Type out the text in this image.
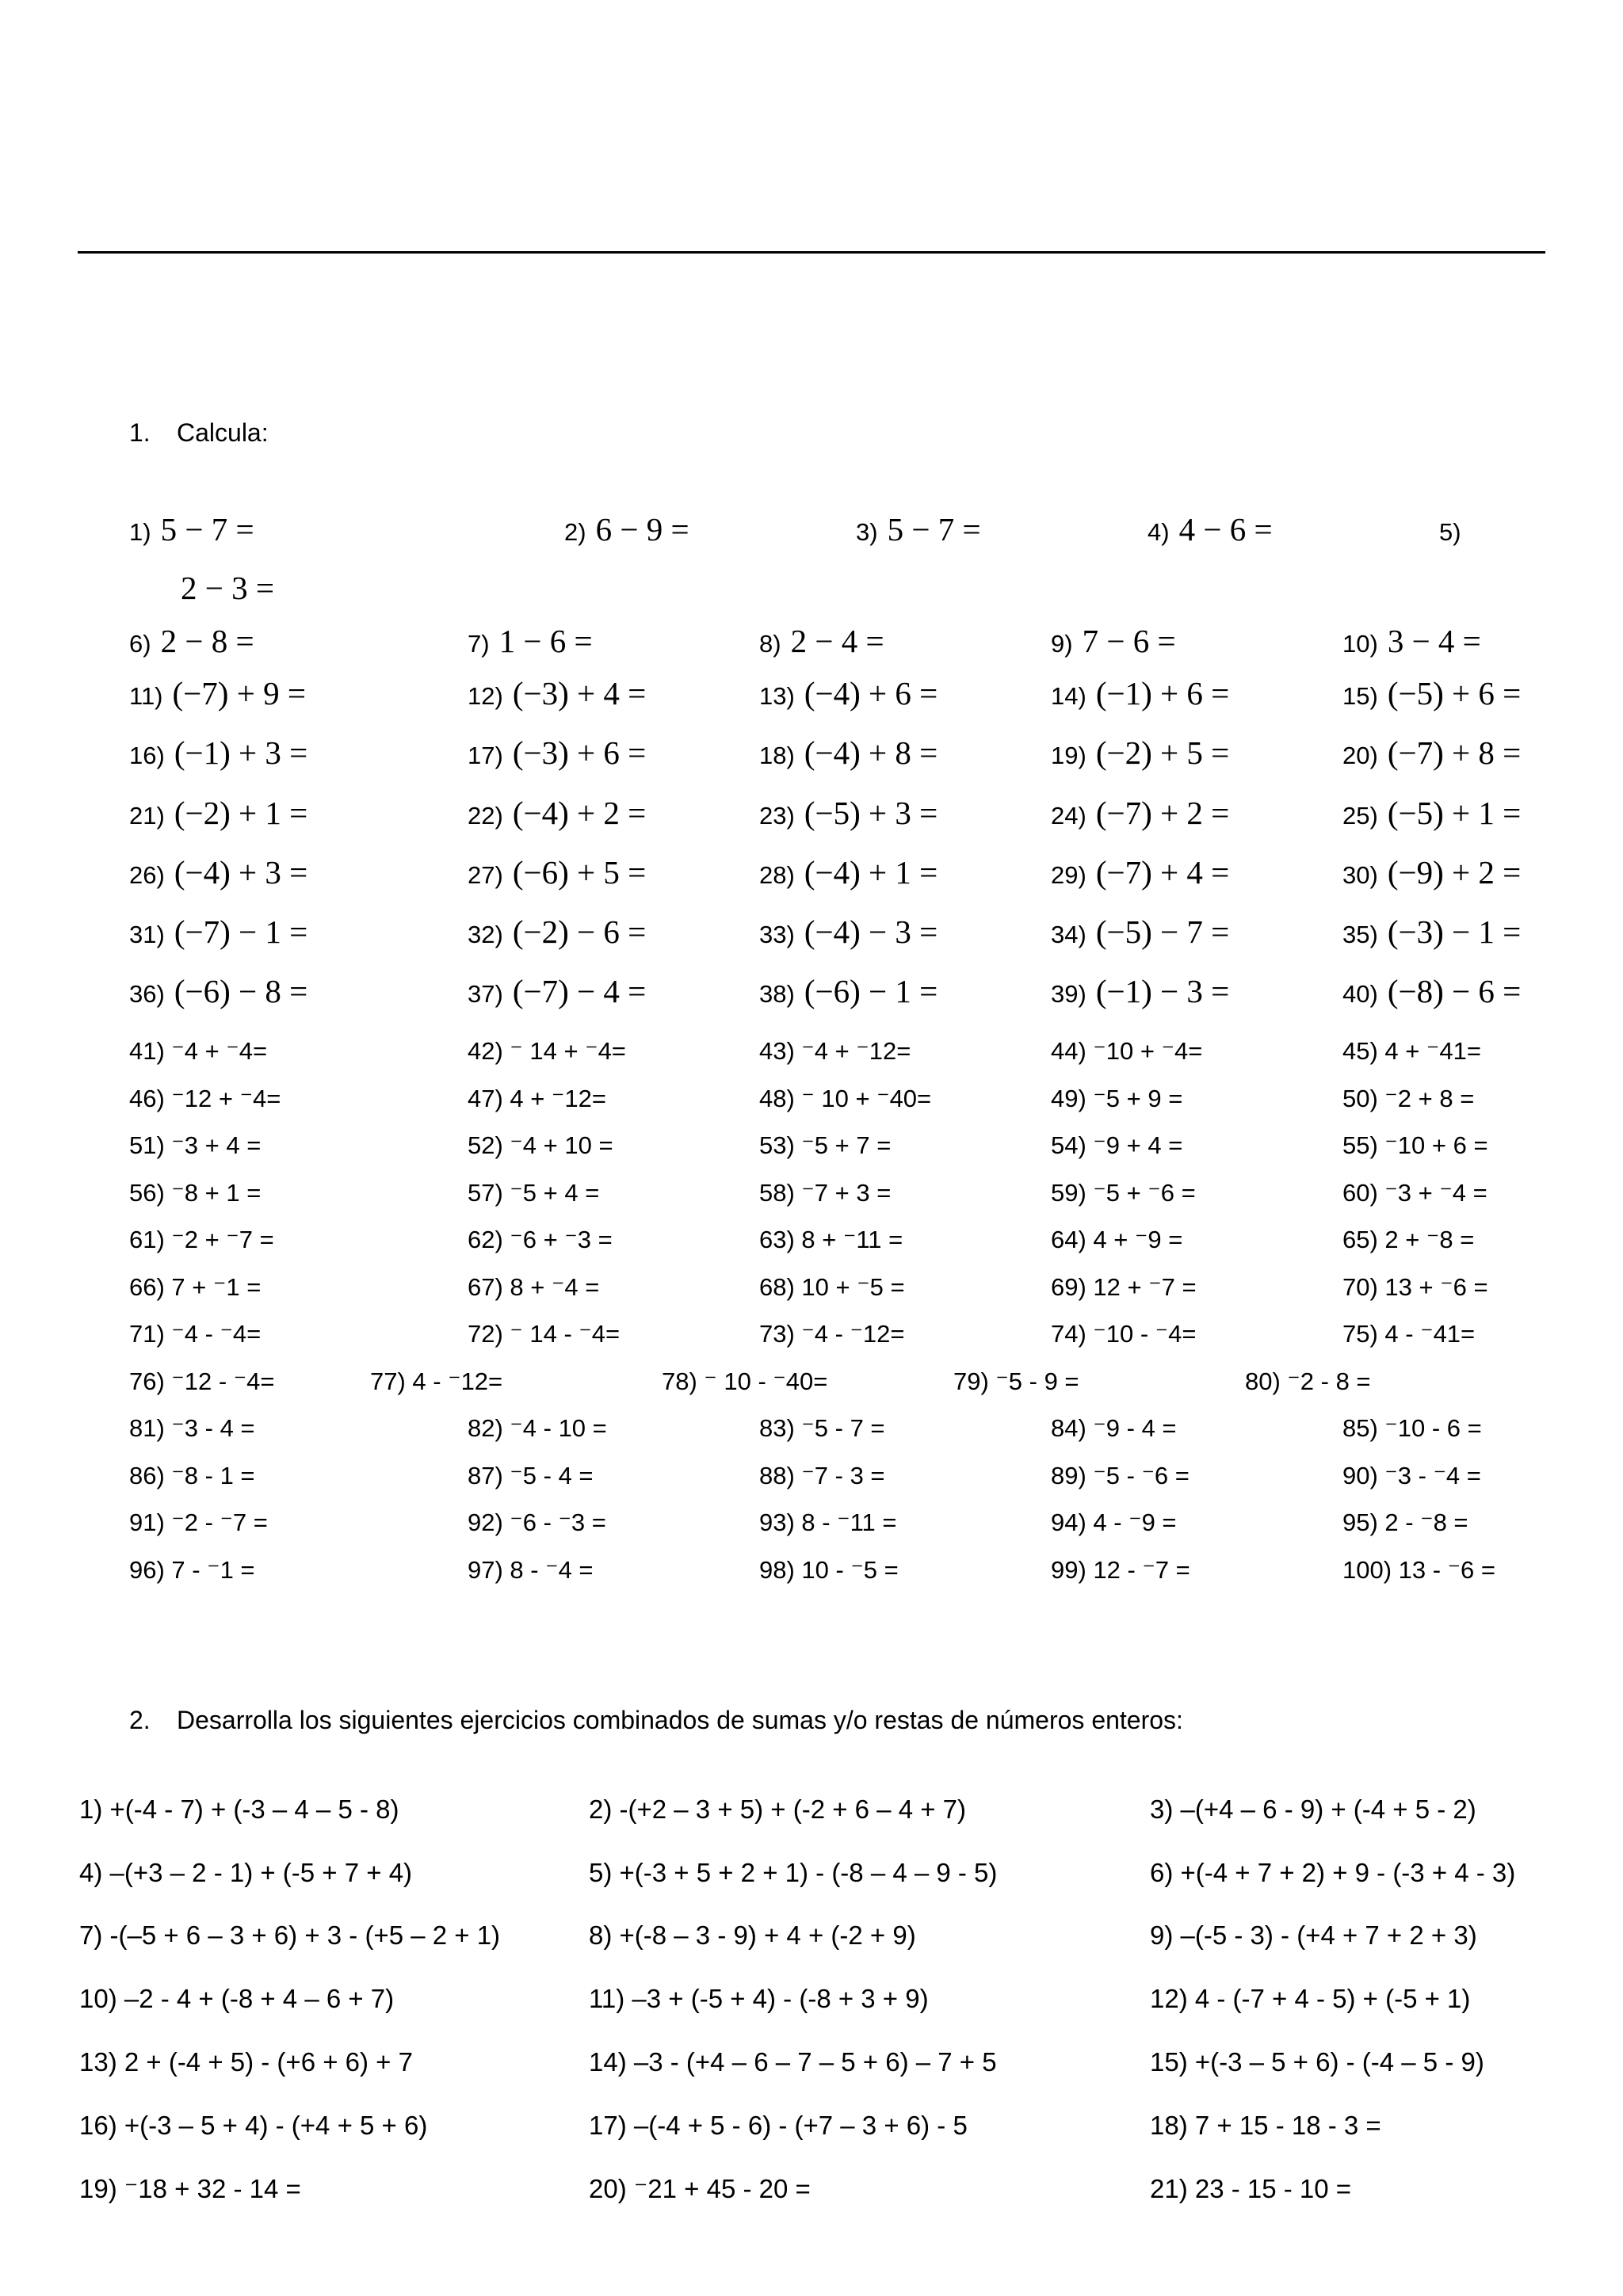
1. Calcula:
1) 5 − 7 =	2) 6 − 9 =	3) 5 − 7 =	4) 4 − 6 =	5)
2 − 3 =
6) 2 − 8 =	7) 1 − 6 =	8) 2 − 4 =	9) 7 − 6 =	10) 3 − 4 =
11) (−7) + 9 =	12) (−3) + 4 =	13) (−4) + 6 =	14) (−1) + 6 =	15) (−5) + 6 =
16) (−1) + 3 =	17) (−3) + 6 =	18) (−4) + 8 =	19) (−2) + 5 =	20) (−7) + 8 =
21) (−2) + 1 =	22) (−4) + 2 =	23) (−5) + 3 =	24) (−7) + 2 =	25) (−5) + 1 =
26) (−4) + 3 =	27) (−6) + 5 =	28) (−4) + 1 =	29) (−7) + 4 =	30) (−9) + 2 =
31) (−7) − 1 =	32) (−2) − 6 =	33) (−4) − 3 =	34) (−5) − 7 =	35) (−3) − 1 =
36) (−6) − 8 =	37) (−7) − 4 =	38) (−6) − 1 =	39) (−1) − 3 =	40) (−8) − 6 =
41) ⁻4 + ⁻4=	42) ⁻ 14 + ⁻4=	43) ⁻4 + ⁻12=	44) ⁻10 + ⁻4=	45) 4 + ⁻41=
46) ⁻12 + ⁻4=	47) 4 + ⁻12=	48) ⁻ 10 + ⁻40=	49) ⁻5 + 9 =	50) ⁻2 + 8 =
51) ⁻3 + 4 =	52) ⁻4 + 10 =	53) ⁻5 + 7 =	54) ⁻9 + 4 =	55) ⁻10 + 6 =
56) ⁻8 + 1 =	57) ⁻5 + 4 =	58) ⁻7 + 3 =	59) ⁻5 + ⁻6 =	60) ⁻3 + ⁻4 =
61) ⁻2 + ⁻7 =	62) ⁻6 + ⁻3 =	63) 8 + ⁻11 =	64) 4 + ⁻9 =	65) 2 + ⁻8 =
66) 7 + ⁻1 =	67) 8 + ⁻4 =	68) 10 + ⁻5 =	69) 12 + ⁻7 =	70) 13 + ⁻6 =
71) ⁻4 - ⁻4=	72) ⁻ 14 - ⁻4=	73) ⁻4 - ⁻12=	74) ⁻10 - ⁻4=	75) 4 - ⁻41=
76) ⁻12 - ⁻4=	77) 4 - ⁻12=	78) ⁻ 10 - ⁻40=	79) ⁻5 - 9 =	80) ⁻2 - 8 =
81) ⁻3 - 4 =	82) ⁻4 - 10 =	83) ⁻5 - 7 =	84) ⁻9 - 4 =	85) ⁻10 - 6 =
86) ⁻8 - 1 =	87) ⁻5 - 4 =	88) ⁻7 - 3 =	89) ⁻5 - ⁻6 =	90) ⁻3 - ⁻4 =
91) ⁻2 - ⁻7 =	92) ⁻6 - ⁻3 =	93) 8 - ⁻11 =	94) 4 - ⁻9 =	95) 2 - ⁻8 =
96) 7 - ⁻1 =	97) 8 - ⁻4 =	98) 10 - ⁻5 =	99) 12 - ⁻7 =	100) 13 - ⁻6 =
2. Desarrolla los siguientes ejercicios combinados de sumas y/o restas de números enteros:
1) +(-4 - 7) + (-3 – 4 – 5 - 8)	2) -(+2 – 3 + 5) + (-2 + 6 – 4 + 7)	3) –(+4 – 6 - 9) + (-4 + 5 - 2)
4) –(+3 – 2 - 1) + (-5 + 7 + 4)	5) +(-3 + 5 + 2 + 1) - (-8 – 4 – 9 - 5)	6) +(-4 + 7 + 2) + 9 - (-3 + 4 - 3)
7) -(–5 + 6 – 3 + 6) + 3 - (+5 – 2 + 1)	8) +(-8 – 3 - 9) + 4 + (-2 + 9)	9) –(-5 - 3) - (+4 + 7 + 2 + 3)
10) –2 - 4 + (-8 + 4 – 6 + 7)	11) –3 + (-5 + 4) - (-8 + 3 + 9)	12) 4 - (-7 + 4 - 5) + (-5 + 1)
13) 2 + (-4 + 5) - (+6 + 6) + 7	14) –3 - (+4 – 6 – 7 – 5 + 6) – 7 + 5	15) +(-3 – 5 + 6) - (-4 – 5 - 9)
16) +(-3 – 5 + 4) - (+4 + 5 + 6)	17) –(-4 + 5 - 6) - (+7 – 3 + 6) - 5	18) 7 + 15 - 18 - 3 =
19) ⁻18 + 32 - 14 =	20) ⁻21 + 45 - 20 =	21) 23 - 15 - 10 =
